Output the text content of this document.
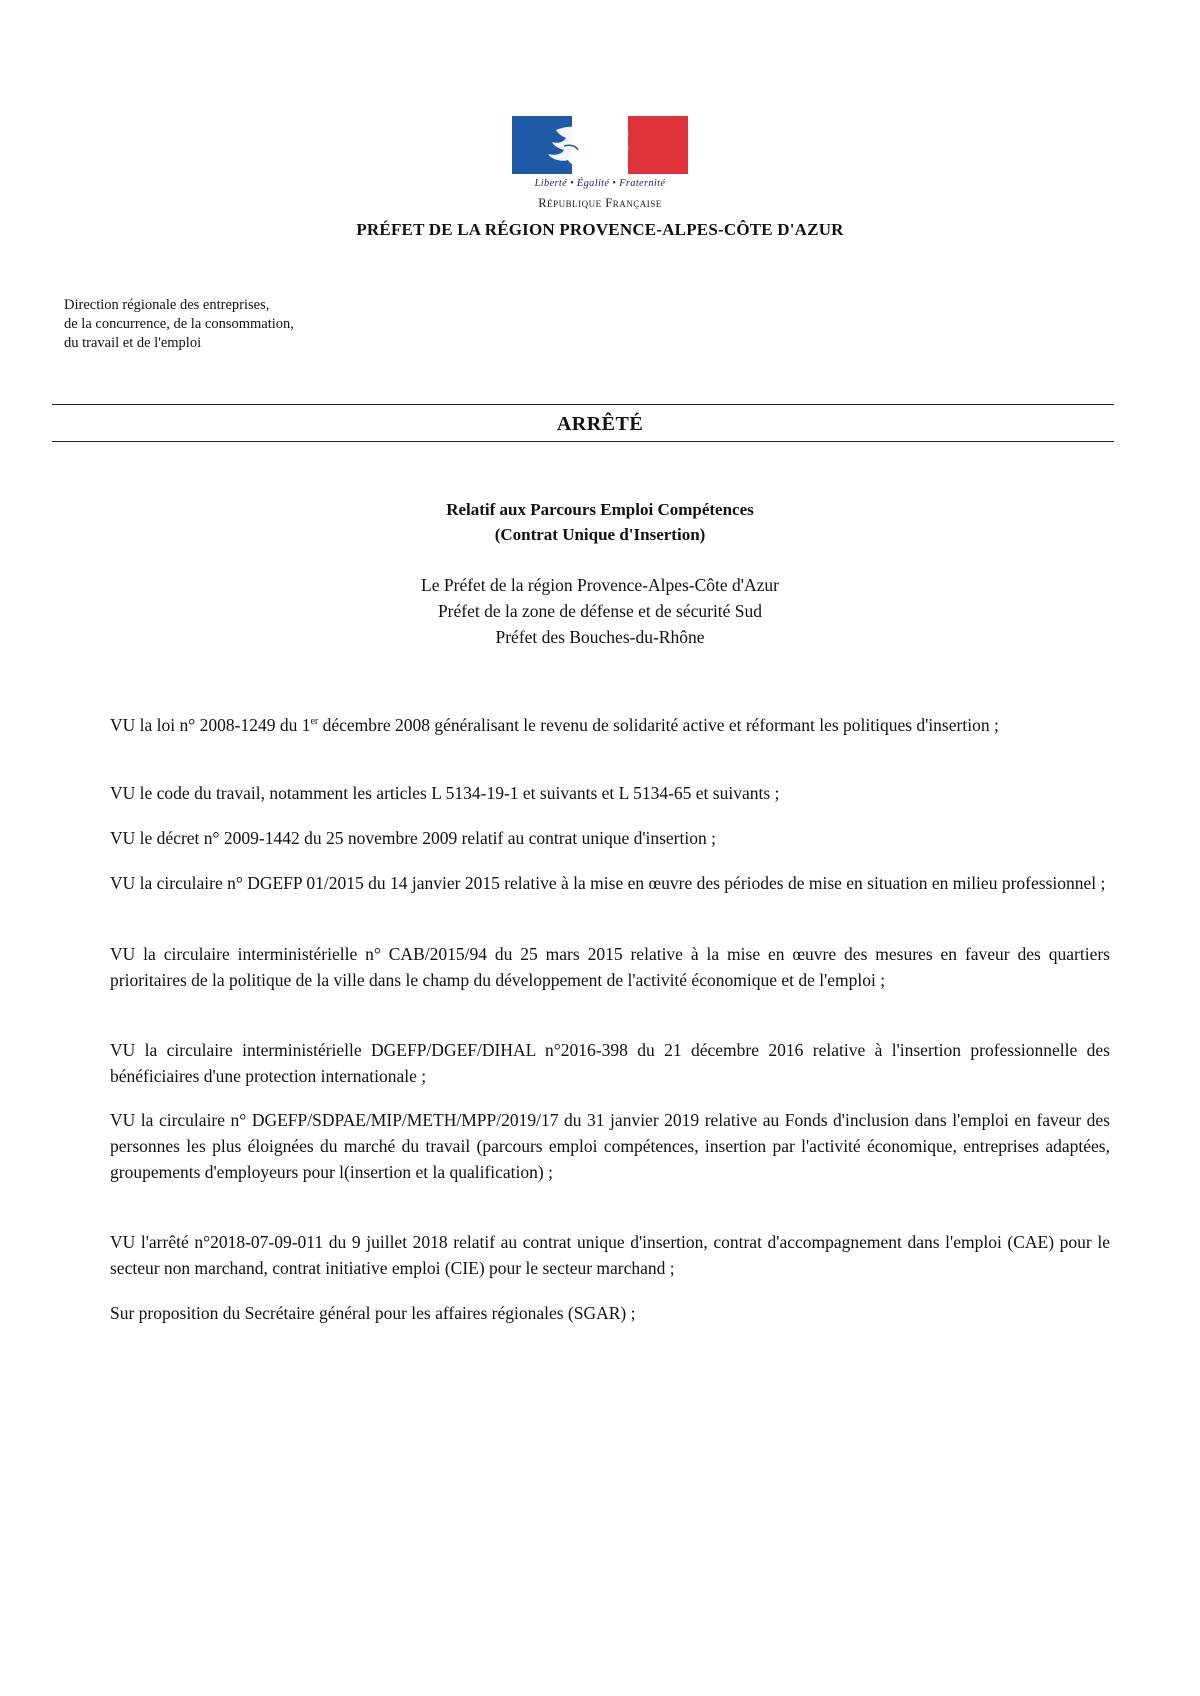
Liberté • Égalité • Fraternité
République Française
PRÉFET DE LA RÉGION PROVENCE-ALPES-CÔTE D'AZUR
Direction régionale des entreprises,
de la concurrence, de la consommation,
du travail et de l'emploi
ARRÊTÉ
Relatif aux Parcours Emploi Compétences
(Contrat Unique d'Insertion)
Le Préfet de la région Provence-Alpes-Côte d'Azur
Préfet de la zone de défense et de sécurité Sud
Préfet des Bouches-du-Rhône

VU la loi n° 2008-1249 du 1er décembre 2008 généralisant le revenu de solidarité active et réformant les politiques d'insertion ;

VU le code du travail, notamment les articles L 5134-19-1 et suivants et L 5134-65 et suivants ;

VU le décret n° 2009-1442 du 25 novembre 2009 relatif au contrat unique d'insertion ;

VU la circulaire n° DGEFP 01/2015 du 14 janvier 2015 relative à la mise en œuvre des périodes de mise en situation en milieu professionnel ;

VU la circulaire interministérielle n° CAB/2015/94 du 25 mars 2015 relative à la mise en œuvre des mesures en faveur des quartiers prioritaires de la politique de la ville dans le champ du développement de l'activité économique et de l'emploi ;

VU la circulaire interministérielle DGEFP/DGEF/DIHAL n°2016-398 du 21 décembre 2016 relative à l'insertion professionnelle des bénéficiaires d'une protection internationale ;

VU la circulaire n° DGEFP/SDPAE/MIP/METH/MPP/2019/17 du 31 janvier 2019 relative au Fonds d'inclusion dans l'emploi en faveur des personnes les plus éloignées du marché du travail (parcours emploi compétences, insertion par l'activité économique, entreprises adaptées, groupements d'employeurs pour l(insertion et la qualification) ;

VU l'arrêté n°2018-07-09-011 du 9 juillet 2018 relatif au contrat unique d'insertion, contrat d'accompagnement dans l'emploi (CAE) pour le secteur non marchand, contrat initiative emploi (CIE) pour le secteur marchand ;

Sur proposition du Secrétaire général pour les affaires régionales (SGAR) ;
